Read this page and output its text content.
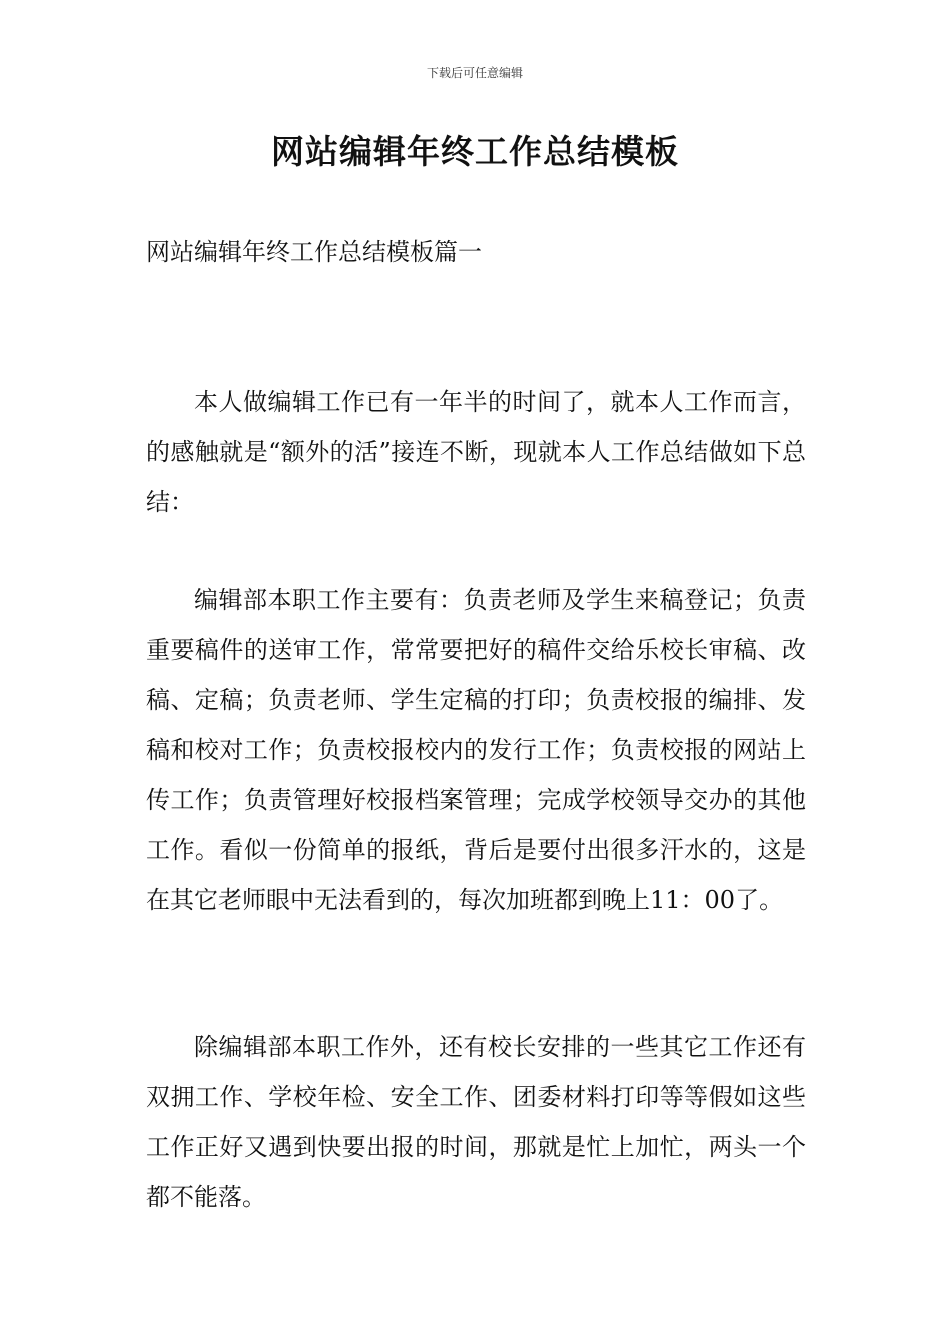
下载后可任意编辑
网站编辑年终工作总结模板
网站编辑年终工作总结模板篇一

本人做编辑工作已有一年半的时间了，就本人工作而言，的感触就是“额外的活”接连不断，现就本人工作总结做如下总结：

编辑部本职工作主要有：负责老师及学生来稿登记；负责重要稿件的送审工作，常常要把好的稿件交给乐校长审稿、改稿、定稿；负责老师、学生定稿的打印；负责校报的编排、发稿和校对工作；负责校报校内的发行工作；负责校报的网站上传工作；负责管理好校报档案管理；完成学校领导交办的其他工作。看似一份简单的报纸，背后是要付出很多汗水的，这是在其它老师眼中无法看到的，每次加班都到晚上11：00了。

除编辑部本职工作外，还有校长安排的一些其它工作还有双拥工作、学校年检、安全工作、团委材料打印等等假如这些工作正好又遇到快要出报的时间，那就是忙上加忙，两头一个都不能落。
